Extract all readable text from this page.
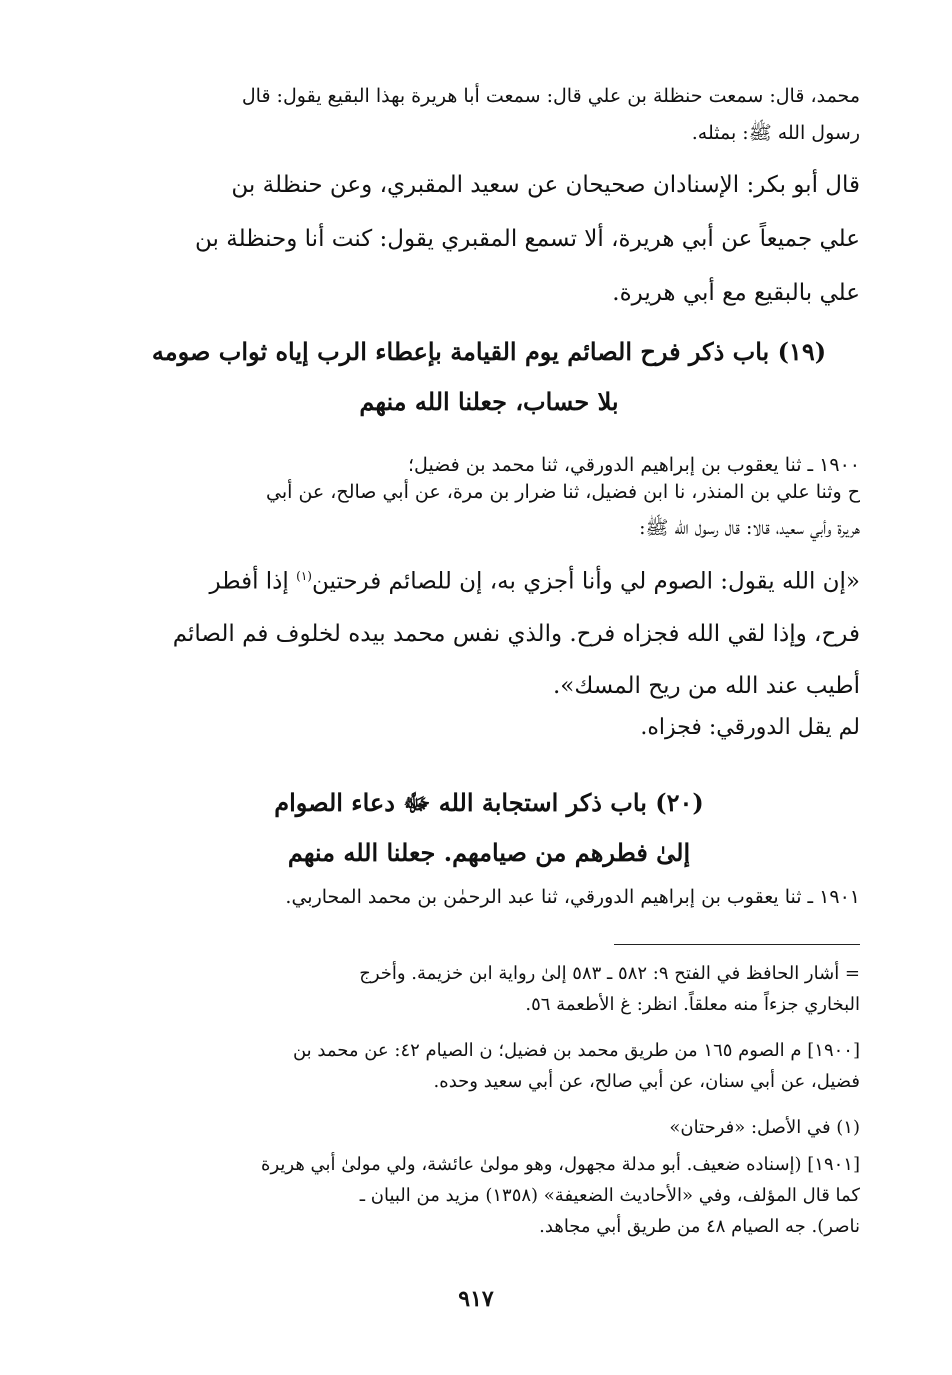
محمد، قال: سمعت حنظلة بن علي قال: سمعت أبا هريرة بهذا البقيع يقول: قال
رسول الله ﷺ: بمثله.
قال أبو بكر: الإسنادان صحيحان عن سعيد المقبري، وعن حنظلة بن
علي جميعاً عن أبي هريرة، ألا تسمع المقبري يقول: كنت أنا وحنظلة بن
علي بالبقيع مع أبي هريرة.
(١٩) باب ذكر فرح الصائم يوم القيامة بإعطاء الرب إياه ثواب صومه
بلا حساب، جعلنا الله منهم
١٩٠٠ ـ ثنا يعقوب بن إبراهيم الدورقي، ثنا محمد بن فضيل؛
ح وثنا علي بن المنذر، نا ابن فضيل، ثنا ضرار بن مرة، عن أبي صالح، عن أبي
هريرة وأبي سعيد، قالا: قال رسول الله ﷺ:
«إن الله يقول: الصوم لي وأنا أجزي به، إن للصائم فرحتين$^{(١)}$ إذا أفطر
فرح، وإذا لقي الله فجزاه فرح. والذي نفس محمد بيده لخلوف فم الصائم
أطيب عند الله من ريح المسك».
لم يقل الدورقي: فجزاه.
(٢٠) باب ذكر استجابة الله ﷻ دعاء الصوام
إلىٰ فطرهم من صيامهم. جعلنا الله منهم
١٩٠١ ـ ثنا يعقوب بن إبراهيم الدورقي، ثنا عبد الرحمٰن بن محمد المحاربي.
= أشار الحافظ في الفتح ٩: ٥٨٢ ـ ٥٨٣ إلىٰ رواية ابن خزيمة. وأخرج
البخاري جزءاً منه معلقاً. انظر: غ الأطعمة ٥٦.
[١٩٠٠] م الصوم ١٦٥ من طريق محمد بن فضيل؛ ن الصيام ٤٢: عن محمد بن
فضيل، عن أبي سنان، عن أبي صالح، عن أبي سعيد وحده.
(١) في الأصل: «فرحتان»
[١٩٠١] (إسناده ضعيف. أبو مدلة مجهول، وهو مولىٰ عائشة، ولي مولىٰ أبي هريرة
كما قال المؤلف، وفي «الأحاديث الضعيفة» (١٣٥٨) مزيد من البيان ـ
ناصر). جه الصيام ٤٨ من طريق أبي مجاهد.
٩١٧
